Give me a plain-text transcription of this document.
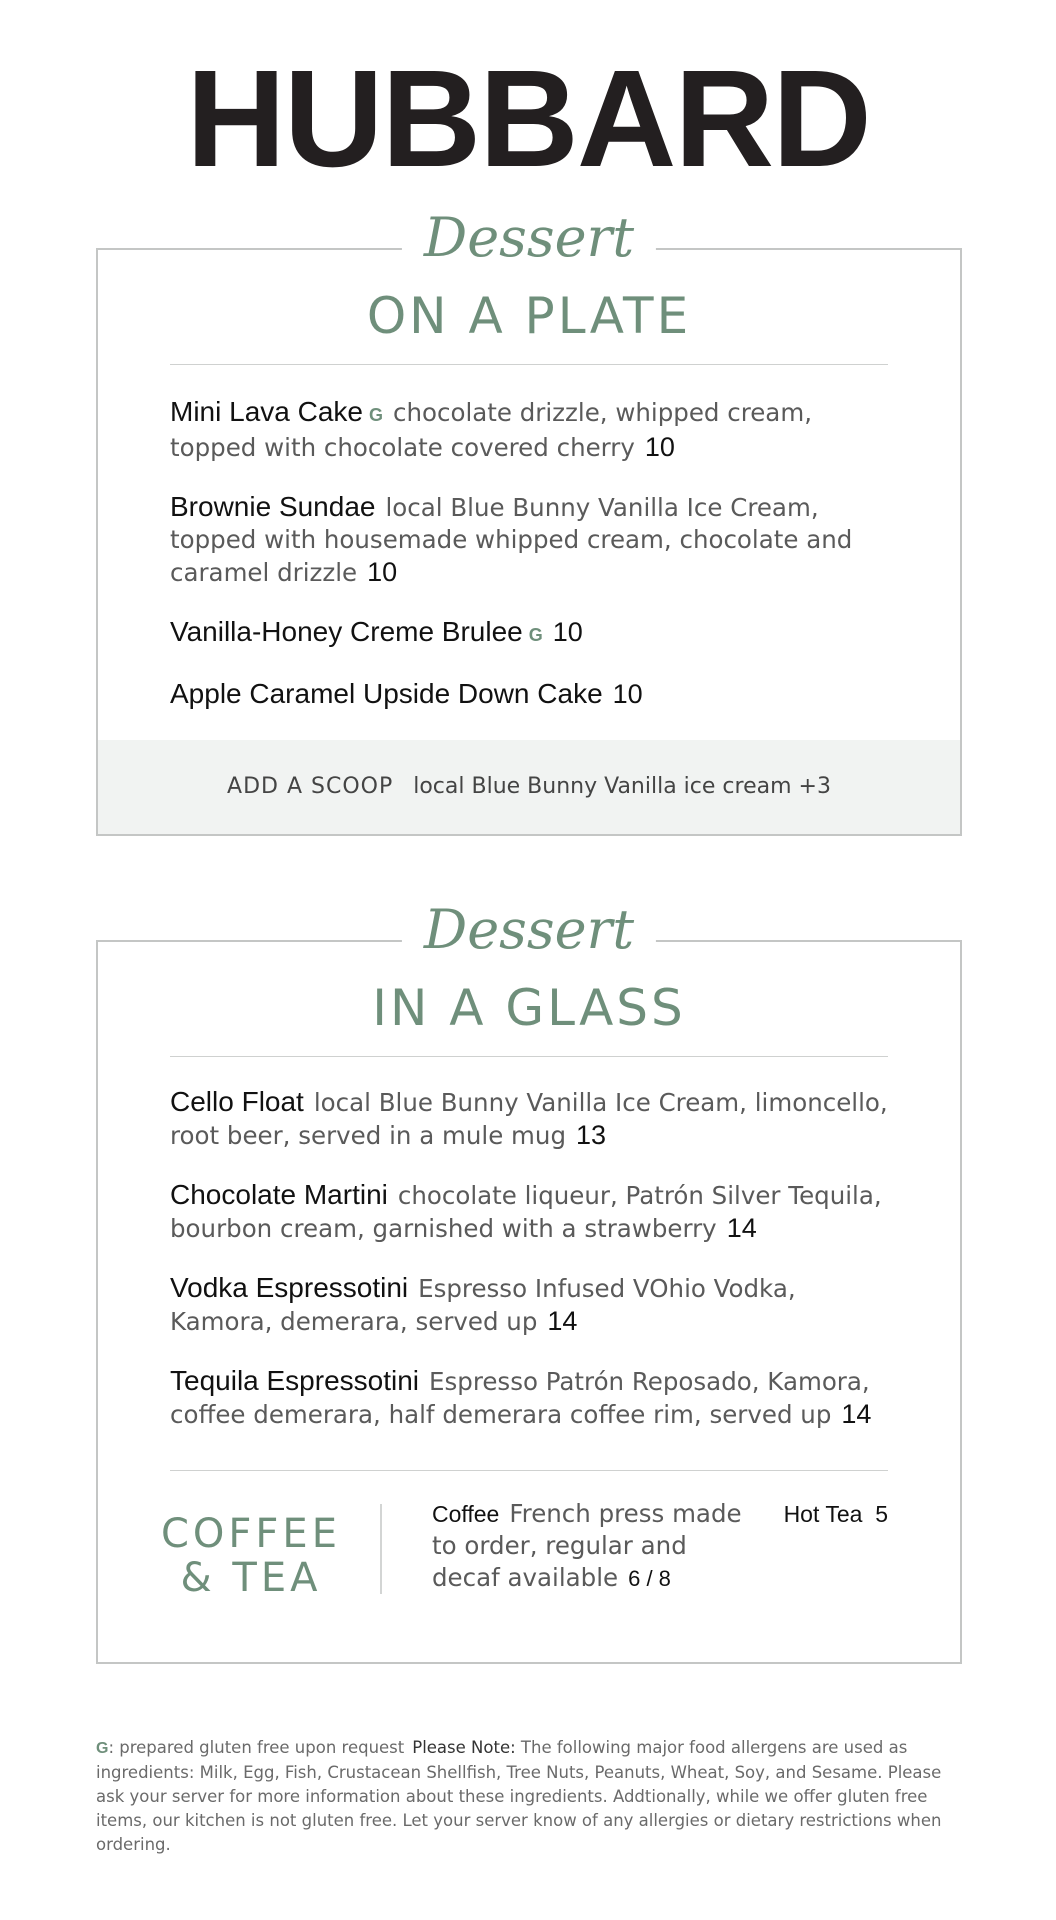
HUBBARD
Dessert
ON A PLATE
Mini Lava Cake G chocolate drizzle, whipped cream, topped with chocolate covered cherry 10
Brownie Sundae local Blue Bunny Vanilla Ice Cream, topped with housemade whipped cream, chocolate and caramel drizzle 10
Vanilla-Honey Creme Brulee G 10
Apple Caramel Upside Down Cake 10
ADD A SCOOP local Blue Bunny Vanilla ice cream +3
Dessert
IN A GLASS
Cello Float local Blue Bunny Vanilla Ice Cream, limoncello, root beer, served in a mule mug 13
Chocolate Martini chocolate liqueur, Patrón Silver Tequila, bourbon cream, garnished with a strawberry 14
Vodka Espressotini Espresso Infused VOhio Vodka, Kamora, demerara, served up 14
Tequila Espressotini Espresso Patrón Reposado, Kamora, coffee demerara, half demerara coffee rim, served up 14
COFFEE
& TEA
Coffee French press made to order, regular and decaf available 6 / 8
Hot Tea 5
G: prepared gluten free upon request Please Note: The following major food allergens are used as ingredients: Milk, Egg, Fish, Crustacean Shellfish, Tree Nuts, Peanuts, Wheat, Soy, and Sesame. Please ask your server for more information about these ingredients. Addtionally, while we offer gluten free items, our kitchen is not gluten free. Let your server know of any allergies or dietary restrictions when ordering.
